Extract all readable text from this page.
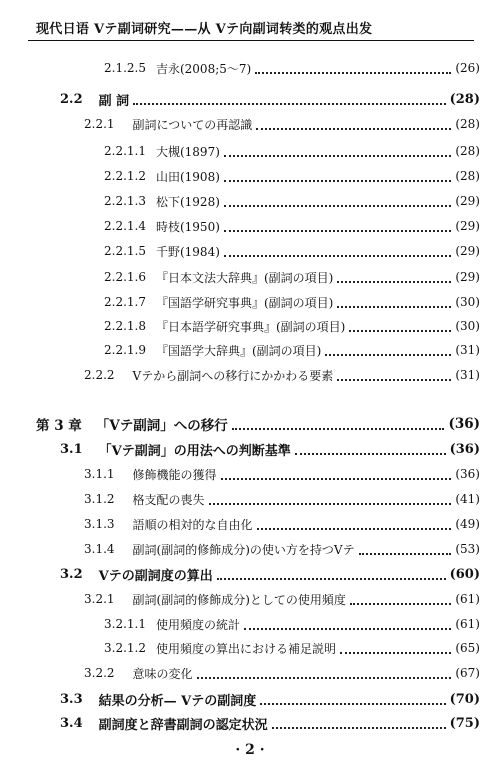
现代日语 Vテ副词研究——从 Vテ向副词转类的观点出发
2.1.2.5 吉永(2008;5～7)	(26)
2.2 副 詞	(28)
2.2.1 副詞についての再認識	(28)
2.2.1.1 大槻(1897)	(28)
2.2.1.2 山田(1908)	(28)
2.2.1.3 松下(1928)	(29)
2.2.1.4 時枝(1950)	(29)
2.2.1.5 千野(1984)	(29)
2.2.1.6 『日本文法大辞典』(副詞の項目)	(29)
2.2.1.7 『国語学研究事典』(副詞の項目)	(30)
2.2.1.8 『日本語学研究事典』(副詞の項目)	(30)
2.2.1.9 『国語学大辞典』(副詞の項目)	(31)
2.2.2 Vテから副詞への移行にかかわる要素	(31)
第 3 章 「Vテ副詞」への移行	(36)
3.1 「Vテ副詞」の用法への判断基準	(36)
3.1.1 修飾機能の獲得	(36)
3.1.2 格支配の喪失	(41)
3.1.3 語順の相対的な自由化	(49)
3.1.4 副詞(副詞的修飾成分)の使い方を持つVテ	(53)
3.2 Vテの副詞度の算出	(60)
3.2.1 副詞(副詞的修飾成分)としての使用頻度	(61)
3.2.1.1 使用頻度の統計	(61)
3.2.1.2 使用頻度の算出における補足説明	(65)
3.2.2 意味の変化	(67)
3.3 結果の分析— Vテの副詞度	(70)
3.4 副詞度と辞書副詞の認定状況	(75)
· 2 ·
